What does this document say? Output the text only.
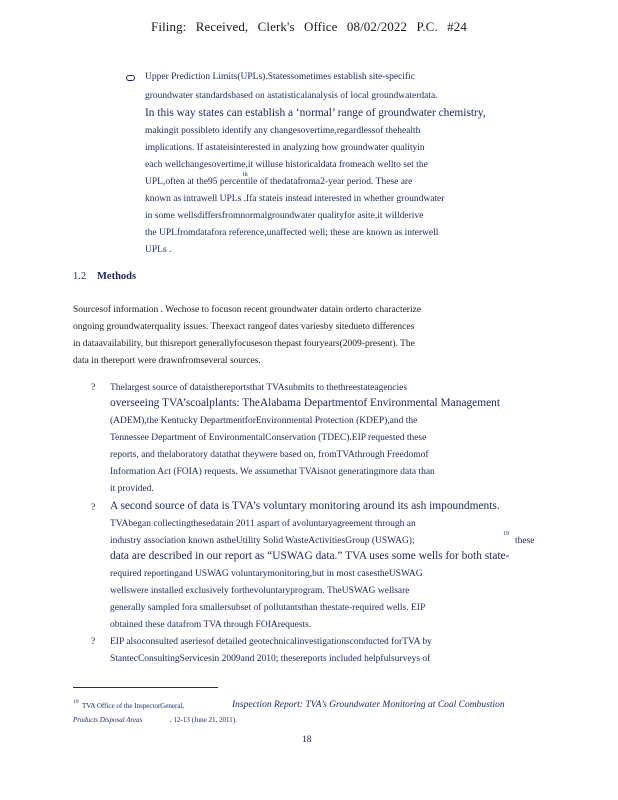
Filing: Received, Clerk's Office 08/02/2022 P.C. #24
Upper Prediction Limits(UPLs).Statessometimes establish site-specific
groundwater standardsbased on astatisticalanalysis of local groundwaterdata.
In this way states can establish a ‘normal’ range of groundwater chemistry,
makingit possibleto identify any changesovertime,regardlessof thehealth
implications. If astateisinterested in analyzing how groundwater qualityin
each wellchangesovertime,it willuse historicaldata fromeach wellto set the
UPL,often at the95 percentile of thedatafroma2-year period. These are
th
known as intrawell UPLs .Ifa stateis instead interested in whether groundwater
in some wellsdiffersfromnormalgroundwater qualityfor asite,it willderive
the UPLfromdatafora reference,unaffected well; these are known as interwell
UPLs .
1.2 Methods
Sourcesof information . Wechose to focuson recent groundwater datain orderto characterize
ongoing groundwaterquality issues. Theexact rangeof dates variesby sitedueto differences
in dataavailability, but thisreport generallyfocuseson thepast fouryears(2009-present). The
data in thereport were drawnfromseveral sources.
? Thelargest source of dataisthereportsthat TVAsubmits to thethreestateagencies
overseeing TVA’scoalplants: TheAlabama Departmentof Environmental Management
(ADEM),the Kentucky DepartmentforEnvironmental Protection (KDEP),and the
Tennessee Department of EnvironmentalConservation (TDEC).EIP requested these
reports, and thelaboratory datathat theywere based on, fromTVAthrough Freedomof
Information Act (FOIA) requests. We assumethat TVAisnot generatingmore data than
it provided.
? A second source of data is TVA’s voluntary monitoring around its ash impoundments.
TVAbegan collectingthesedatain 2011 aspart of avoluntaryagreement through an
industry association known astheUtility Solid WasteActivitiesGroup (USWAG);
19
these
data are described in our report as “USWAG data.” TVA uses some wells for both state-
required reportingand USWAG voluntarymonitoring,but in most casestheUSWAG
wellswere installed exclusively forthevoluntaryprogram. TheUSWAG wellsare
generally sampled fora smallersubset of pollutantsthan thestate-required wells. EIP
obtained these datafrom TVA through FOIArequests.
? EIP alsoconsulted aseriesof detailed geotechnicalinvestigationsconducted forTVA by
StantecConsultingServicesin 2009and 2010; thesereports included helpfulsurveys of
19 TVA Office of the InspectorGeneral,	Inspection Report: TVA’s Groundwater Monitoring at Coal Combustion
Products Disposal Areas	, 12-13 (June 21, 2011).
18
